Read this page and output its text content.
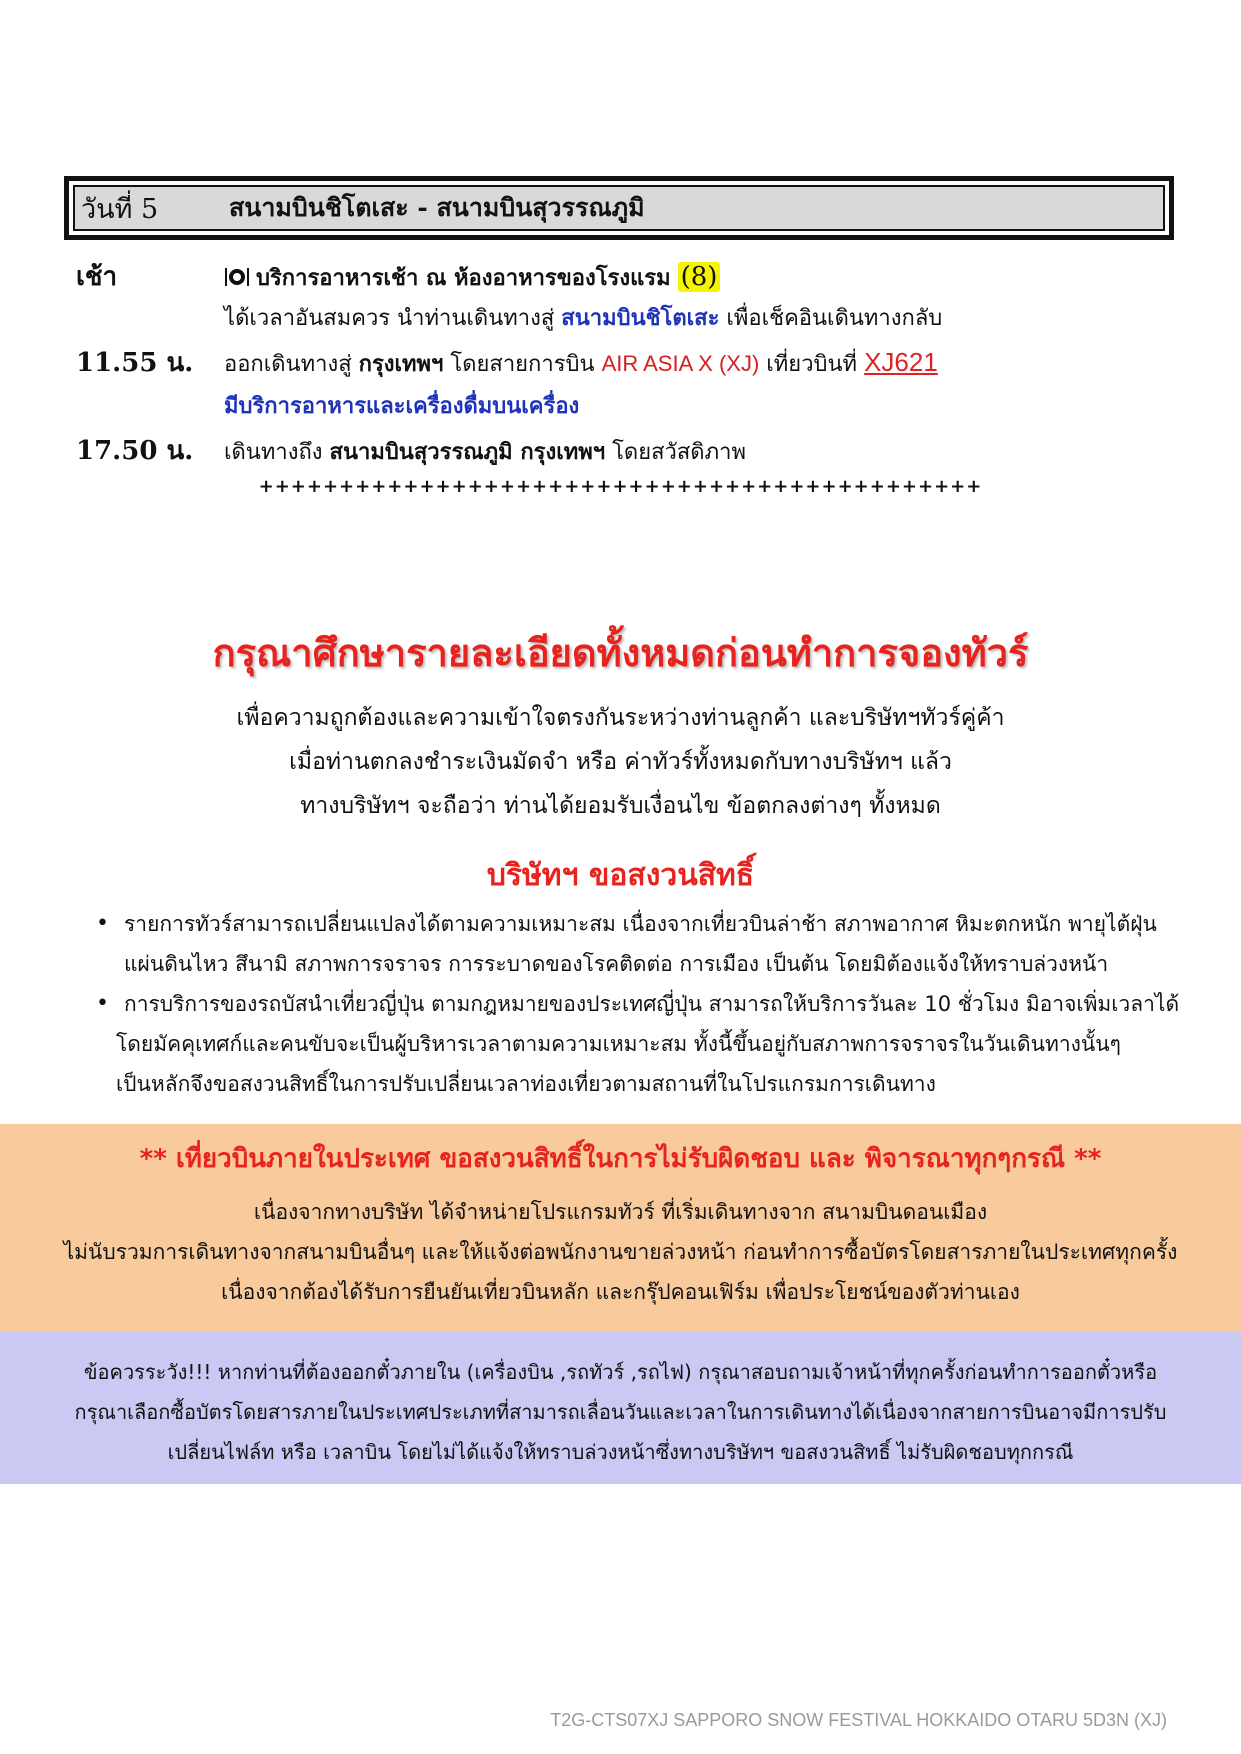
วันที่ 5	สนามบินชิโตเสะ - สนามบินสุวรรณภูมิ
เช้า	บริการอาหารเช้า ณ ห้องอาหารของโรงแรม (8)
ได้เวลาอันสมควร นำท่านเดินทางสู่ สนามบินชิโตเสะ เพื่อเช็คอินเดินทางกลับ
11.55 น.	ออกเดินทางสู่ กรุงเทพฯ โดยสายการบิน AIR ASIA X (XJ) เที่ยวบินที่ XJ621
มีบริการอาหารและเครื่องดื่มบนเครื่อง
17.50 น.	เดินทางถึง สนามบินสุวรรณภูมิ กรุงเทพฯ โดยสวัสดิภาพ
+++++++++++++++++++++++++++++++++++++++++++++
กรุณาศึกษารายละเอียดทั้งหมดก่อนทำการจองทัวร์
เพื่อความถูกต้องและความเข้าใจตรงกันระหว่างท่านลูกค้า และบริษัทฯทัวร์คู่ค้า
เมื่อท่านตกลงชำระเงินมัดจำ หรือ ค่าทัวร์ทั้งหมดกับทางบริษัทฯ แล้ว
ทางบริษัทฯ จะถือว่า ท่านได้ยอมรับเงื่อนไข ข้อตกลงต่างๆ ทั้งหมด
บริษัทฯ ขอสงวนสิทธิ์
• รายการทัวร์สามารถเปลี่ยนแปลงได้ตามความเหมาะสม เนื่องจากเที่ยวบินล่าช้า สภาพอากาศ หิมะตกหนัก พายุไต้ฝุ่น
แผ่นดินไหว สึนามิ สภาพการจราจร การระบาดของโรคติดต่อ การเมือง เป็นต้น โดยมิต้องแจ้งให้ทราบล่วงหน้า
• การบริการของรถบัสนำเที่ยวญี่ปุ่น ตามกฎหมายของประเทศญี่ปุ่น สามารถให้บริการวันละ 10 ชั่วโมง มิอาจเพิ่มเวลาได้

โดยมัคคุเทศก์และคนขับจะเป็นผู้บริหารเวลาตามความเหมาะสม ทั้งนี้ขึ้นอยู่กับสภาพการจราจรในวันเดินทางนั้นๆ
เป็นหลักจึงขอสงวนสิทธิ์ในการปรับเปลี่ยนเวลาท่องเที่ยวตามสถานที่ในโปรแกรมการเดินทาง
** เที่ยวบินภายในประเทศ ขอสงวนสิทธิ์ในการไม่รับผิดชอบ และ พิจารณาทุกๆกรณี **
เนื่องจากทางบริษัท ได้จำหน่ายโปรแกรมทัวร์ ที่เริ่มเดินทางจาก สนามบินดอนเมือง
ไม่นับรวมการเดินทางจากสนามบินอื่นๆ และให้แจ้งต่อพนักงานขายล่วงหน้า ก่อนทำการซื้อบัตรโดยสารภายในประเทศทุกครั้ง
เนื่องจากต้องได้รับการยืนยันเที่ยวบินหลัก และกรุ๊ปคอนเฟิร์ม เพื่อประโยชน์ของตัวท่านเอง
ข้อควรระวัง!!! หากท่านที่ต้องออกตั๋วภายใน (เครื่องบิน ,รถทัวร์ ,รถไฟ) กรุณาสอบถามเจ้าหน้าที่ทุกครั้งก่อนทำการออกตั๋วหรือ
กรุณาเลือกซื้อบัตรโดยสารภายในประเทศประเภทที่สามารถเลื่อนวันและเวลาในการเดินทางได้เนื่องจากสายการบินอาจมีการปรับ
เปลี่ยนไฟล์ท หรือ เวลาบิน โดยไม่ได้แจ้งให้ทราบล่วงหน้าซึ่งทางบริษัทฯ ขอสงวนสิทธิ์ ไม่รับผิดชอบทุกกรณี
T2G-CTS07XJ SAPPORO SNOW FESTIVAL HOKKAIDO OTARU 5D3N (XJ)
